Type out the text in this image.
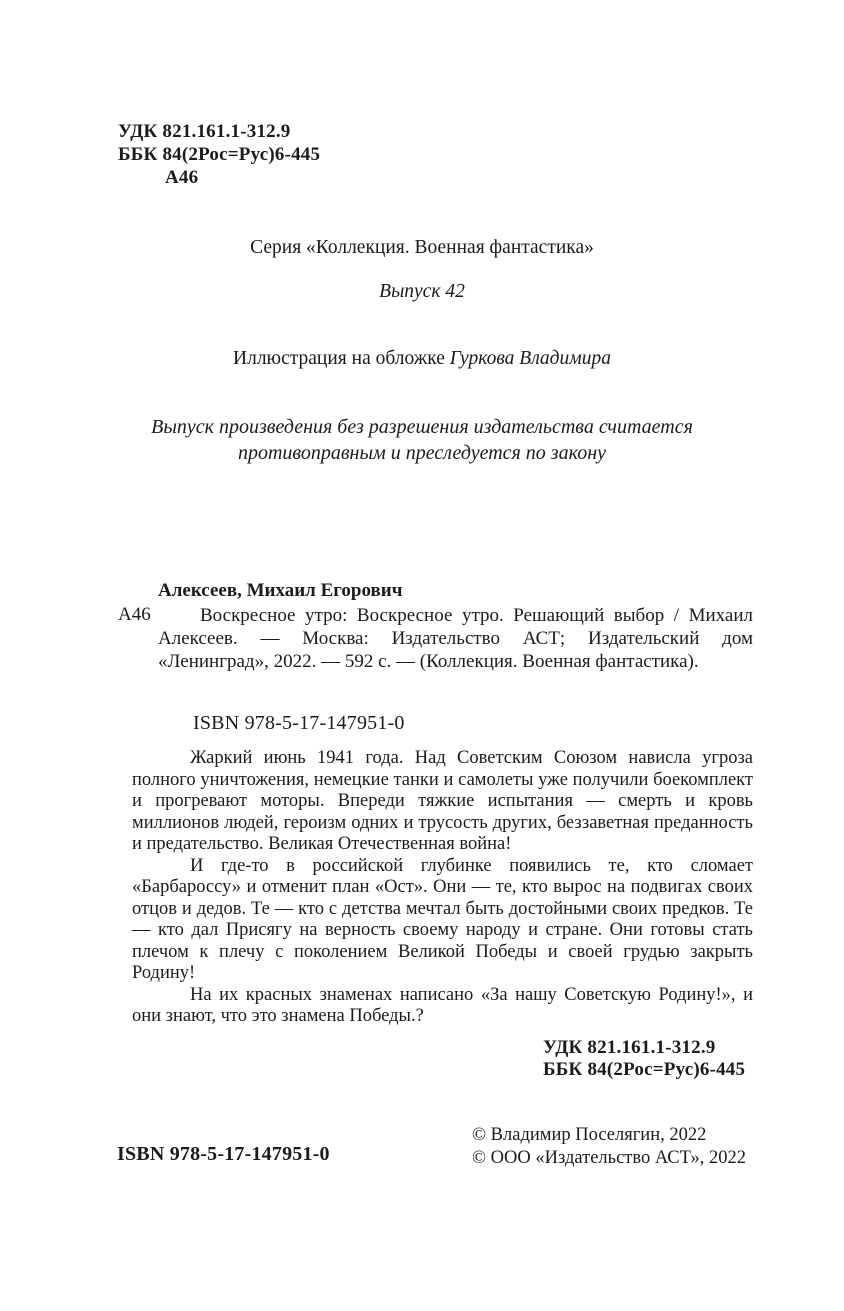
УДК 821.161.1-312.9
ББК 84(2Рос=Рус)6-445
А46
Серия «Коллекция. Военная фантастика»
Выпуск 42
Иллюстрация на обложке Гуркова Владимира
Выпуск произведения без разрешения издательства считается
противоправным и преследуется по закону
Алексеев, Михаил Егорович
А46	Воскресное утро: Воскресное утро. Решающий выбор / Михаил Алексеев. — Москва: Издательство АСТ; Издательский дом «Ленинград», 2022. — 592 с. — (Коллекция. Военная фантастика).
ISBN 978-5-17-147951-0

Жаркий июнь 1941 года. Над Советским Союзом нависла угроза полного уничтожения, немецкие танки и самолеты уже получили боекомплект и прогревают моторы. Впереди тяжкие испытания — смерть и кровь миллионов людей, героизм одних и трусость других, беззаветная преданность и предательство. Великая Отечественная война!

И где-то в российской глубинке появились те, кто сломает «Барбароссу» и отменит план «Ост». Они — те, кто вырос на подвигах своих отцов и дедов. Те — кто с детства мечтал быть достойными своих предков. Те — кто дал Присягу на верность своему народу и стране. Они готовы стать плечом к плечу с поколением Великой Победы и своей грудью закрыть Родину!

На их красных знаменах написано «За нашу Советскую Родину!», и они знают, что это знамена Победы.?

УДК 821.161.1-312.9
ББК 84(2Рос=Рус)6-445
ISBN 978-5-17-147951-0
© Владимир Поселягин, 2022
© ООО «Издательство АСТ», 2022
